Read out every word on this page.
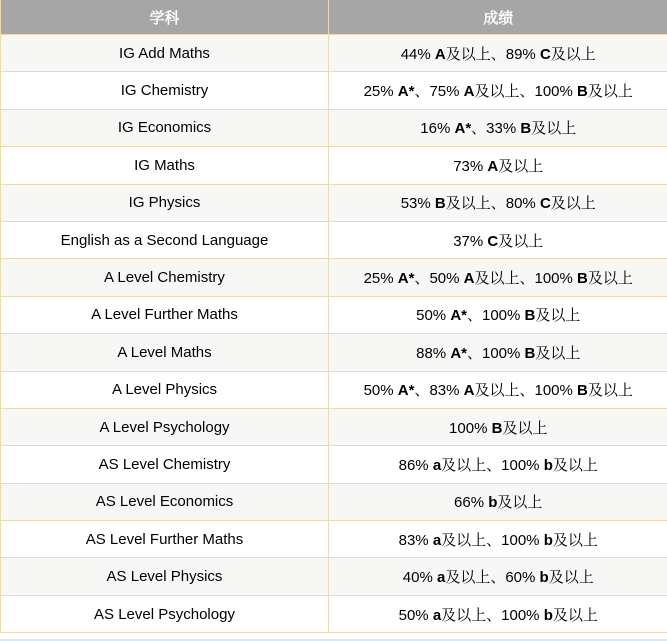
学科	成绩
IG Add Maths	44% A及以上、89% C及以上
IG Chemistry	25% A*、75% A及以上、100% B及以上
IG Economics	16% A*、33% B及以上
IG Maths	73% A及以上
IG Physics	53% B及以上、80% C及以上
English as a Second Language	37% C及以上
A Level Chemistry	25% A*、50% A及以上、100% B及以上
A Level Further Maths	50% A*、100% B及以上
A Level Maths	88% A*、100% B及以上
A Level Physics	50% A*、83% A及以上、100% B及以上
A Level Psychology	100% B及以上
AS Level Chemistry	86% a及以上、100% b及以上
AS Level Economics	66% b及以上
AS Level Further Maths	83% a及以上、100% b及以上
AS Level Physics	40% a及以上、60% b及以上
AS Level Psychology	50% a及以上、100% b及以上
